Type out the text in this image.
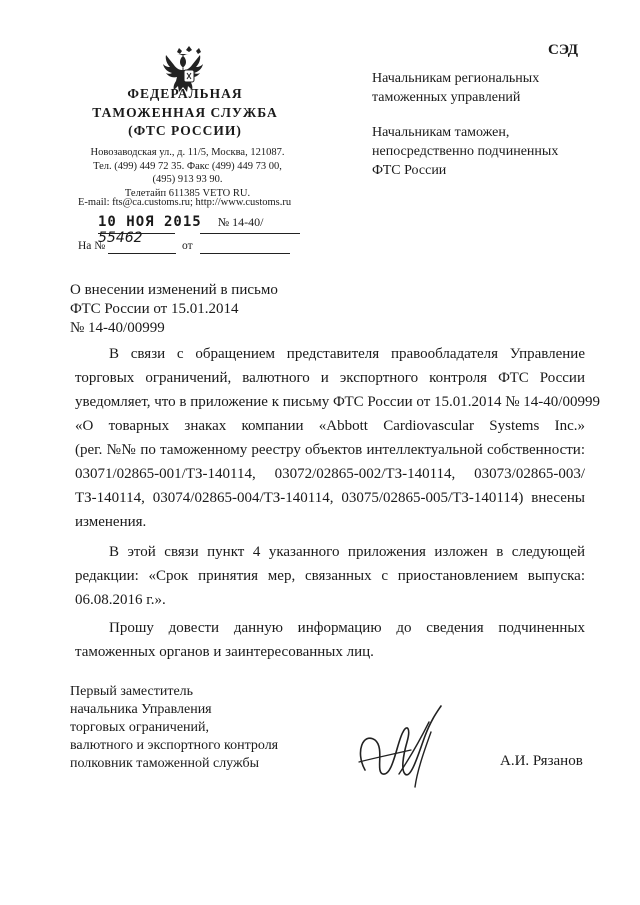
СЭД
ФЕДЕРАЛЬНАЯ
ТАМОЖЕННАЯ СЛУЖБА
(ФТС РОССИИ)
Новозаводская ул., д. 11/5, Москва, 121087.
Тел. (499) 449 72 35. Факс (499) 449 73 00,
(495) 913 93 90.
Телетайп 611385 VETO RU.
E-mail: fts@ca.customs.ru; http://www.customs.ru
10 НОЯ 2015 № 14-40/ 55462
На №	от
Начальникам региональных
таможенных управлений
Начальникам таможен,
непосредственно подчиненных
ФТС России
О внесении изменений в письмо
ФТС России от 15.01.2014
№ 14-40/00999
В связи с обращением представителя правообладателя Управление
торговых ограничений, валютного и экспортного контроля ФТС России
уведомляет, что в приложение к письму ФТС России от 15.01.2014 № 14-40/00999
«О товарных знаках компании «Abbott Cardiovascular Systems Inc.»
(рег. №№ по таможенному реестру объектов интеллектуальной собственности:
03071/02865-001/ТЗ-140114, 03072/02865-002/ТЗ-140114, 03073/02865-003/
ТЗ-140114, 03074/02865-004/ТЗ-140114, 03075/02865-005/ТЗ-140114) внесены
изменения.
В этой связи пункт 4 указанного приложения изложен в следующей
редакции: «Срок принятия мер, связанных с приостановлением выпуска:
06.08.2016 г.».
Прошу довести данную информацию до сведения подчиненных
таможенных органов и заинтересованных лиц.
Первый заместитель
начальника Управления
торговых ограничений,
валютного и экспортного контроля
полковник таможенной службы	А.И. Рязанов
